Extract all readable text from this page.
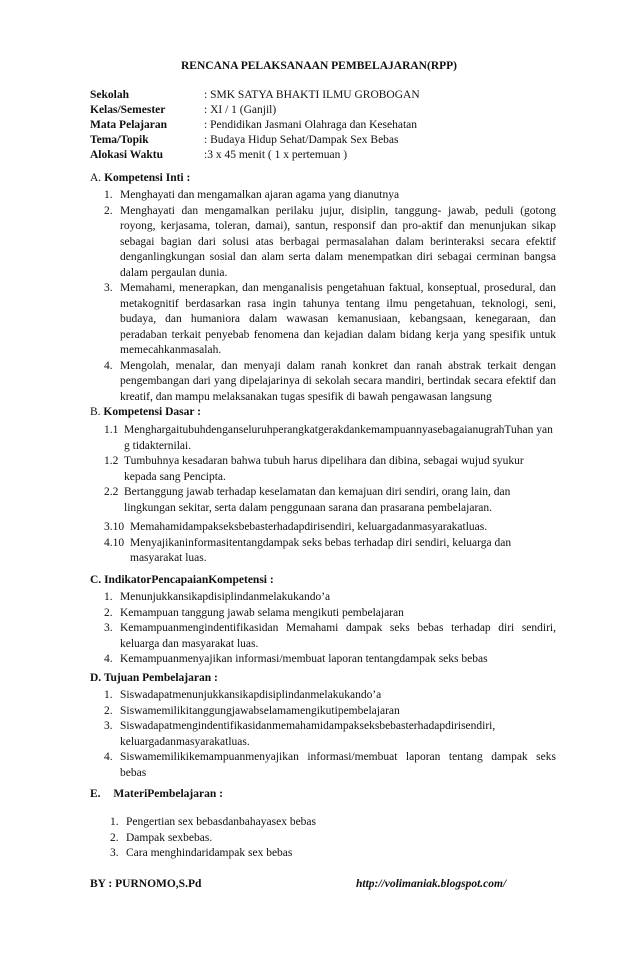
RENCANA PELAKSANAAN PEMBELAJARAN(RPP)
Sekolah	: SMK SATYA BHAKTI ILMU GROBOGAN
Kelas/Semester	: XI / 1 (Ganjil)
Mata Pelajaran	: Pendidikan Jasmani Olahraga dan Kesehatan
Tema/Topik	: Budaya Hidup Sehat/Dampak Sex Bebas
Alokasi Waktu	:3 x 45 menit ( 1 x pertemuan )
A. Kompetensi Inti :
1. Menghayati dan mengamalkan ajaran agama yang dianutnya
2. Menghayati dan mengamalkan perilaku jujur, disiplin, tanggung- jawab, peduli (gotong royong, kerjasama, toleran, damai), santun, responsif dan pro-aktif dan menunjukan sikap sebagai bagian dari solusi atas berbagai permasalahan dalam berinteraksi secara efektif denganlingkungan sosial dan alam serta dalam menempatkan diri sebagai cerminan bangsa dalam pergaulan dunia.
3. Memahami, menerapkan, dan menganalisis pengetahuan faktual, konseptual, prosedural, dan metakognitif berdasarkan rasa ingin tahunya tentang ilmu pengetahuan, teknologi, seni, budaya, dan humaniora dalam wawasan kemanusiaan, kebangsaan, kenegaraan, dan peradaban terkait penyebab fenomena dan kejadian dalam bidang kerja yang spesifik untuk memecahkanmasalah.
4. Mengolah, menalar, dan menyaji dalam ranah konkret dan ranah abstrak terkait dengan pengembangan dari yang dipelajarinya di sekolah secara mandiri, bertindak secara efektif dan kreatif, dan mampu melaksanakan tugas spesifik di bawah pengawasan langsung
B. Kompetensi Dasar :
1.1 MenghargaitubuhdenganseluruhperangkatgerakdankemampuannyasebagaianugrahTuhan yang tidakternilai.
1.2 Tumbuhnya kesadaran bahwa tubuh harus dipelihara dan dibina, sebagai wujud syukur kepada sang Pencipta.
2.2 Bertanggung jawab terhadap keselamatan dan kemajuan diri sendiri, orang lain, dan lingkungan sekitar, serta dalam penggunaan sarana dan prasarana pembelajaran.
3.10 Memahamidampakseksbebasterhadapdirisendiri, keluargadanmasyarakatluas.
4.10 Menyajikaninformasitentangdampak seks bebas terhadap diri sendiri, keluarga dan masyarakat luas.
C. IndikatorPencapaianKompetensi :
1. Menunjukkansikapdisiplindanmelakukando’a
2. Kemampuan tanggung jawab selama mengikuti pembelajaran
3. Kemampuanmengindentifikasidan Memahami dampak seks bebas terhadap diri sendiri, keluarga dan masyarakat luas.
4. Kemampuanmenyajikan informasi/membuat laporan tentangdampak seks bebas
D. Tujuan Pembelajaran :
1. Siswadapatmenunjukkansikapdisiplindanmelakukando’a
2. Siswamemilikitanggungjawabselamamengikutipembelajaran
3. Siswadapatmengindentifikasidanmemahamidampakseksbebasterhadapdirisendiri, keluargadanmasyarakatluas.
4. Siswamemilikikemampuanmenyajikan informasi/membuat laporan tentang dampak seks bebas
E. MateriPembelajaran :
1. Pengertian sex bebasdanbahayasex bebas
2. Dampak sexbebas.
3. Cara menghindaridampak sex bebas
BY : PURNOMO,S.Pd	http://volimaniak.blogspot.com/
